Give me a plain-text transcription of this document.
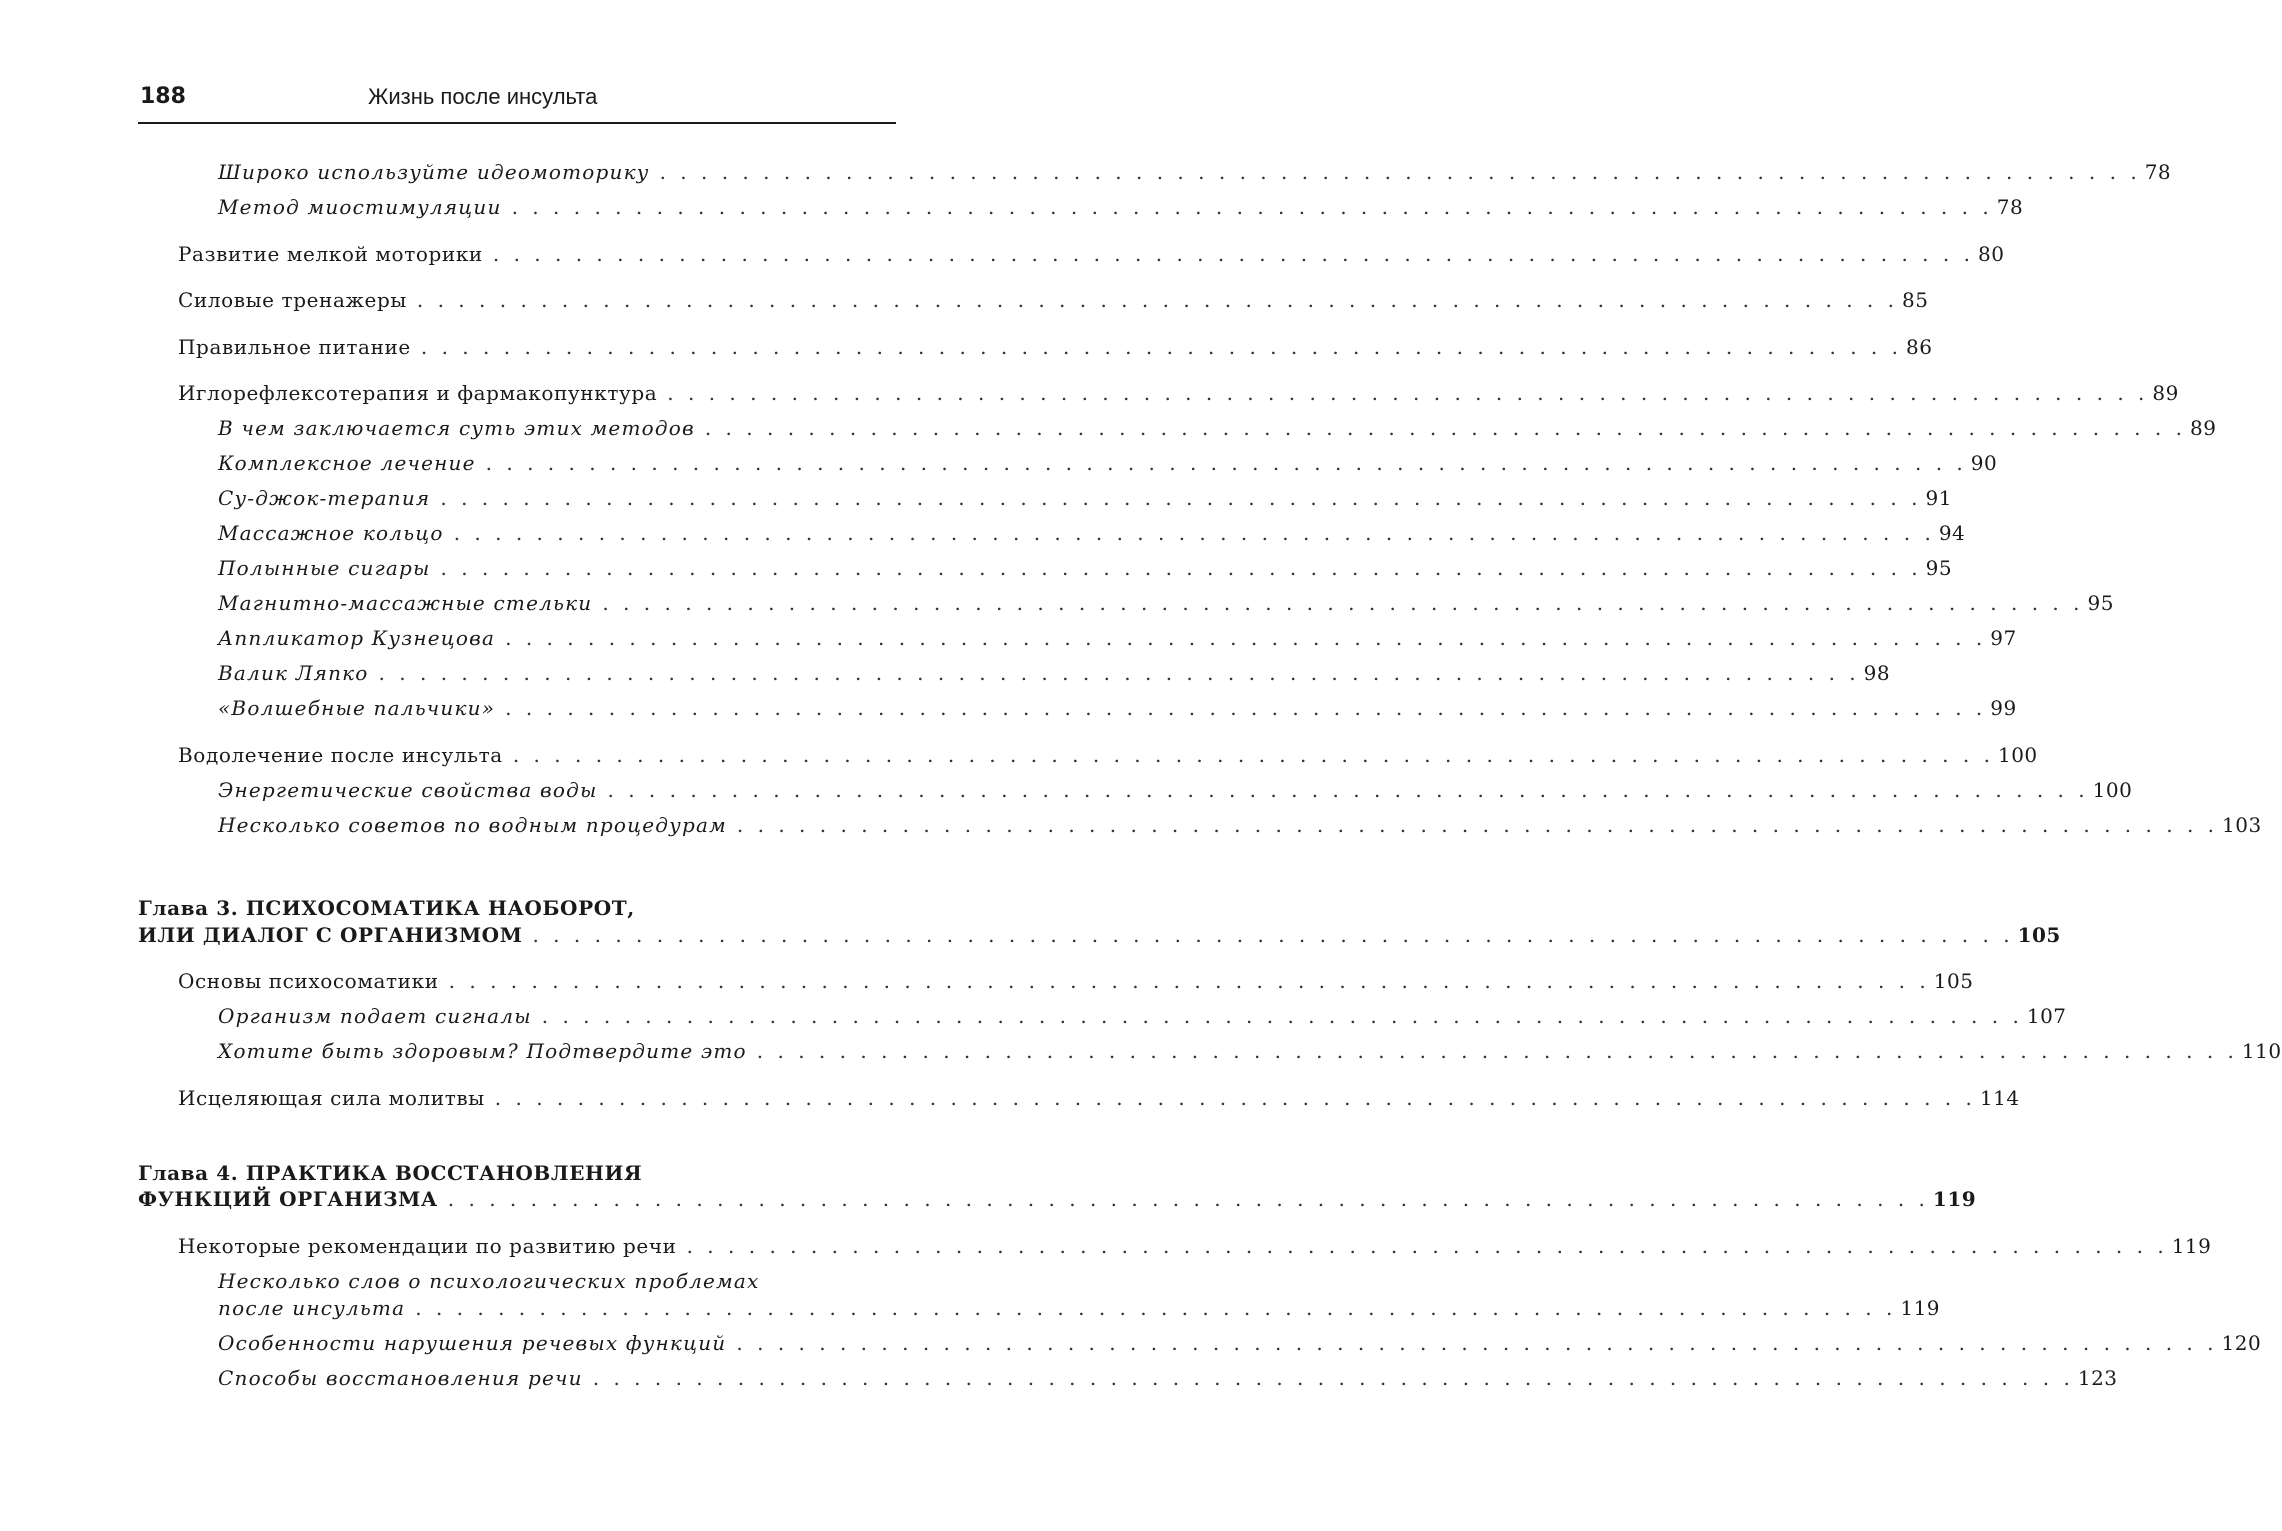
188	Жизнь после инсульта
Широко используйте идеомоторику . . . . . . . . . . . . . . . . . . . . . . . . . . . . . . . . . . . . . . . . . . . . . . . . . . . . . . . . . . . . . . . . . . . . . . . . 78
Метод миостимуляции . . . . . . . . . . . . . . . . . . . . . . . . . . . . . . . . . . . . . . . . . . . . . . . . . . . . . . . . . . . . . . . . . . . . . . . . 78
Развитие мелкой моторики . . . . . . . . . . . . . . . . . . . . . . . . . . . . . . . . . . . . . . . . . . . . . . . . . . . . . . . . . . . . . . . . . . . . . . . . 80
Силовые тренажеры . . . . . . . . . . . . . . . . . . . . . . . . . . . . . . . . . . . . . . . . . . . . . . . . . . . . . . . . . . . . . . . . . . . . . . . . 85
Правильное питание . . . . . . . . . . . . . . . . . . . . . . . . . . . . . . . . . . . . . . . . . . . . . . . . . . . . . . . . . . . . . . . . . . . . . . . . 86
Иглорефлексотерапия и фармакопунктура . . . . . . . . . . . . . . . . . . . . . . . . . . . . . . . . . . . . . . . . . . . . . . . . . . . . . . . . . . . . . . . . . . . . . . . . 89
В чем заключается суть этих методов . . . . . . . . . . . . . . . . . . . . . . . . . . . . . . . . . . . . . . . . . . . . . . . . . . . . . . . . . . . . . . . . . . . . . . . . 89
Комплексное лечение . . . . . . . . . . . . . . . . . . . . . . . . . . . . . . . . . . . . . . . . . . . . . . . . . . . . . . . . . . . . . . . . . . . . . . . . 90
Су-джок-терапия . . . . . . . . . . . . . . . . . . . . . . . . . . . . . . . . . . . . . . . . . . . . . . . . . . . . . . . . . . . . . . . . . . . . . . . . 91
Массажное кольцо . . . . . . . . . . . . . . . . . . . . . . . . . . . . . . . . . . . . . . . . . . . . . . . . . . . . . . . . . . . . . . . . . . . . . . . . 94
Полынные сигары . . . . . . . . . . . . . . . . . . . . . . . . . . . . . . . . . . . . . . . . . . . . . . . . . . . . . . . . . . . . . . . . . . . . . . . . 95
Магнитно-массажные стельки . . . . . . . . . . . . . . . . . . . . . . . . . . . . . . . . . . . . . . . . . . . . . . . . . . . . . . . . . . . . . . . . . . . . . . . . 95
Аппликатор Кузнецова . . . . . . . . . . . . . . . . . . . . . . . . . . . . . . . . . . . . . . . . . . . . . . . . . . . . . . . . . . . . . . . . . . . . . . . . 97
Валик Ляпко . . . . . . . . . . . . . . . . . . . . . . . . . . . . . . . . . . . . . . . . . . . . . . . . . . . . . . . . . . . . . . . . . . . . . . . . 98
«Волшебные пальчики» . . . . . . . . . . . . . . . . . . . . . . . . . . . . . . . . . . . . . . . . . . . . . . . . . . . . . . . . . . . . . . . . . . . . . . . . 99
Водолечение после инсульта . . . . . . . . . . . . . . . . . . . . . . . . . . . . . . . . . . . . . . . . . . . . . . . . . . . . . . . . . . . . . . . . . . . . . . . . 100
Энергетические свойства воды . . . . . . . . . . . . . . . . . . . . . . . . . . . . . . . . . . . . . . . . . . . . . . . . . . . . . . . . . . . . . . . . . . . . . . . . 100
Несколько советов по водным процедурам . . . . . . . . . . . . . . . . . . . . . . . . . . . . . . . . . . . . . . . . . . . . . . . . . . . . . . . . . . . . . . . . . . . . . . . . 103
Глава 3. ПСИХОСОМАТИКА НАОБОРОТ,
ИЛИ ДИАЛОГ С ОРГАНИЗМОМ . . . . . . . . . . . . . . . . . . . . . . . . . . . . . . . . . . . . . . . . . . . . . . . . . . . . . . . . . . . . . . . . . . . . . . . . 105
Основы психосоматики . . . . . . . . . . . . . . . . . . . . . . . . . . . . . . . . . . . . . . . . . . . . . . . . . . . . . . . . . . . . . . . . . . . . . . . . 105
Организм подает сигналы . . . . . . . . . . . . . . . . . . . . . . . . . . . . . . . . . . . . . . . . . . . . . . . . . . . . . . . . . . . . . . . . . . . . . . . . 107
Хотите быть здоровым? Подтвердите это . . . . . . . . . . . . . . . . . . . . . . . . . . . . . . . . . . . . . . . . . . . . . . . . . . . . . . . . . . . . . . . . . . . . . . . . 110
Исцеляющая сила молитвы . . . . . . . . . . . . . . . . . . . . . . . . . . . . . . . . . . . . . . . . . . . . . . . . . . . . . . . . . . . . . . . . . . . . . . . . 114
Глава 4. ПРАКТИКА ВОССТАНОВЛЕНИЯ
ФУНКЦИЙ ОРГАНИЗМА . . . . . . . . . . . . . . . . . . . . . . . . . . . . . . . . . . . . . . . . . . . . . . . . . . . . . . . . . . . . . . . . . . . . . . . . 119
Некоторые рекомендации по развитию речи . . . . . . . . . . . . . . . . . . . . . . . . . . . . . . . . . . . . . . . . . . . . . . . . . . . . . . . . . . . . . . . . . . . . . . . . 119
Несколько слов о психологических проблемах
после инсульта . . . . . . . . . . . . . . . . . . . . . . . . . . . . . . . . . . . . . . . . . . . . . . . . . . . . . . . . . . . . . . . . . . . . . . . . 119
Особенности нарушения речевых функций . . . . . . . . . . . . . . . . . . . . . . . . . . . . . . . . . . . . . . . . . . . . . . . . . . . . . . . . . . . . . . . . . . . . . . . . 120
Способы восстановления речи . . . . . . . . . . . . . . . . . . . . . . . . . . . . . . . . . . . . . . . . . . . . . . . . . . . . . . . . . . . . . . . . . . . . . . . . 123
